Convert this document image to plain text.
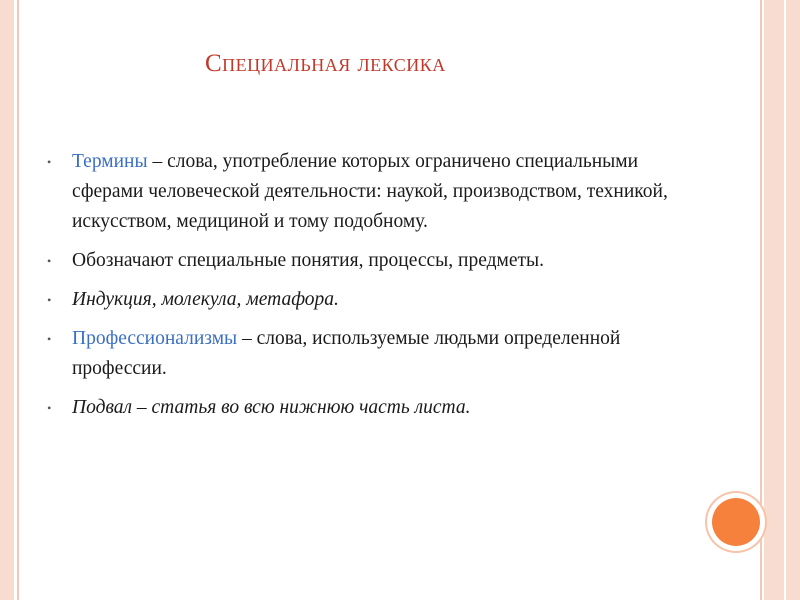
Специальная лексика
• Термины – слова, употребление которых ограничено специальными сферами человеческой деятельности: наукой, производством, техникой, искусством, медициной и тому подобному.
• Обозначают специальные понятия, процессы, предметы.
• Индукция, молекула, метафора.
• Профессионализмы – слова, используемые людьми определенной профессии.
• Подвал – статья во всю нижнюю часть листа.
